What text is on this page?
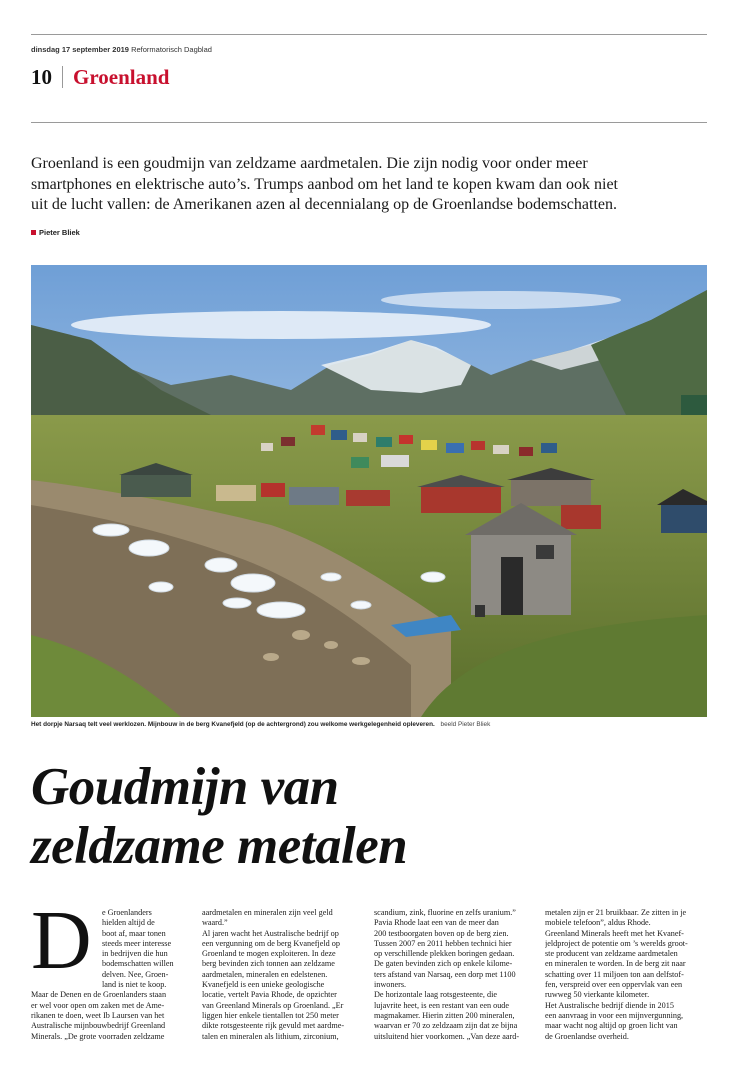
dinsdag 17 september 2019 Reformatorisch Dagblad
10 Groenland
Groenland is een goudmijn van zeldzame aardmetalen. Die zijn nodig voor onder meer
smartphones en elektrische auto’s. Trumps aanbod om het land te kopen kwam dan ook niet
uit de lucht vallen: de Amerikanen azen al decennialang op de Groenlandse bodemschatten.
Pieter Bliek
Het dorpje Narsaq telt veel werklozen. Mijnbouw in de berg Kvanefjeld (op de achtergrond) zou welkome werkgelegenheid opleveren. beeld Pieter Bliek
Goudmijn van
zeldzame metalen
D	e Groenlanders
hielden altijd de
boot af, maar tonen
steeds meer interesse
in bedrijven die hun
bodemschatten willen
delven. Nee, Groen-
land is niet te koop.
Maar de Denen en de Groenlanders staan
er wel voor open om zaken met de Ame-
rikanen te doen, weet Ib Laursen van het
Australische mijnbouwbedrijf Greenland
Minerals. „De grote voorraden zeldzame
aardmetalen en mineralen zijn veel geld
waard.”
Al jaren wacht het Australische bedrijf op
een vergunning om de berg Kvanefjeld op
Groenland te mogen exploiteren. In deze
berg bevinden zich tonnen aan zeldzame
aardmetalen, mineralen en edelstenen.
Kvanefjeld is een unieke geologische
locatie, vertelt Pavia Rhode, de opzichter
van Greenland Minerals op Groenland. „Er
liggen hier enkele tientallen tot 250 meter
dikte rotsgesteente rijk gevuld met aardme-
talen en mineralen als lithium, zirconium,
scandium, zink, fluorine en zelfs uranium.”
Pavia Rhode laat een van de meer dan
200 testboorgaten boven op de berg zien.
Tussen 2007 en 2011 hebben technici hier
op verschillende plekken boringen gedaan.
De gaten bevinden zich op enkele kilome-
ters afstand van Narsaq, een dorp met 1100
inwoners.
De horizontale laag rotsgesteente, die
lujavrite heet, is een restant van een oude
magmakamer. Hierin zitten 200 mineralen,
waarvan er 70 zo zeldzaam zijn dat ze bijna
uitsluitend hier voorkomen. „Van deze aard-
metalen zijn er 21 bruikbaar. Ze zitten in je
mobiele telefoon”, aldus Rhode.
Greenland Minerals heeft met het Kvanef-
jeldproject de potentie om ’s werelds groot-
ste producent van zeldzame aardmetalen
en mineralen te worden. In de berg zit naar
schatting over 11 miljoen ton aan delfstof-
fen, verspreid over een oppervlak van een
ruwweg 50 vierkante kilometer.
Het Australische bedrijf diende in 2015
een aanvraag in voor een mijnvergunning,
maar wacht nog altijd op groen licht van
de Groenlandse overheid.
